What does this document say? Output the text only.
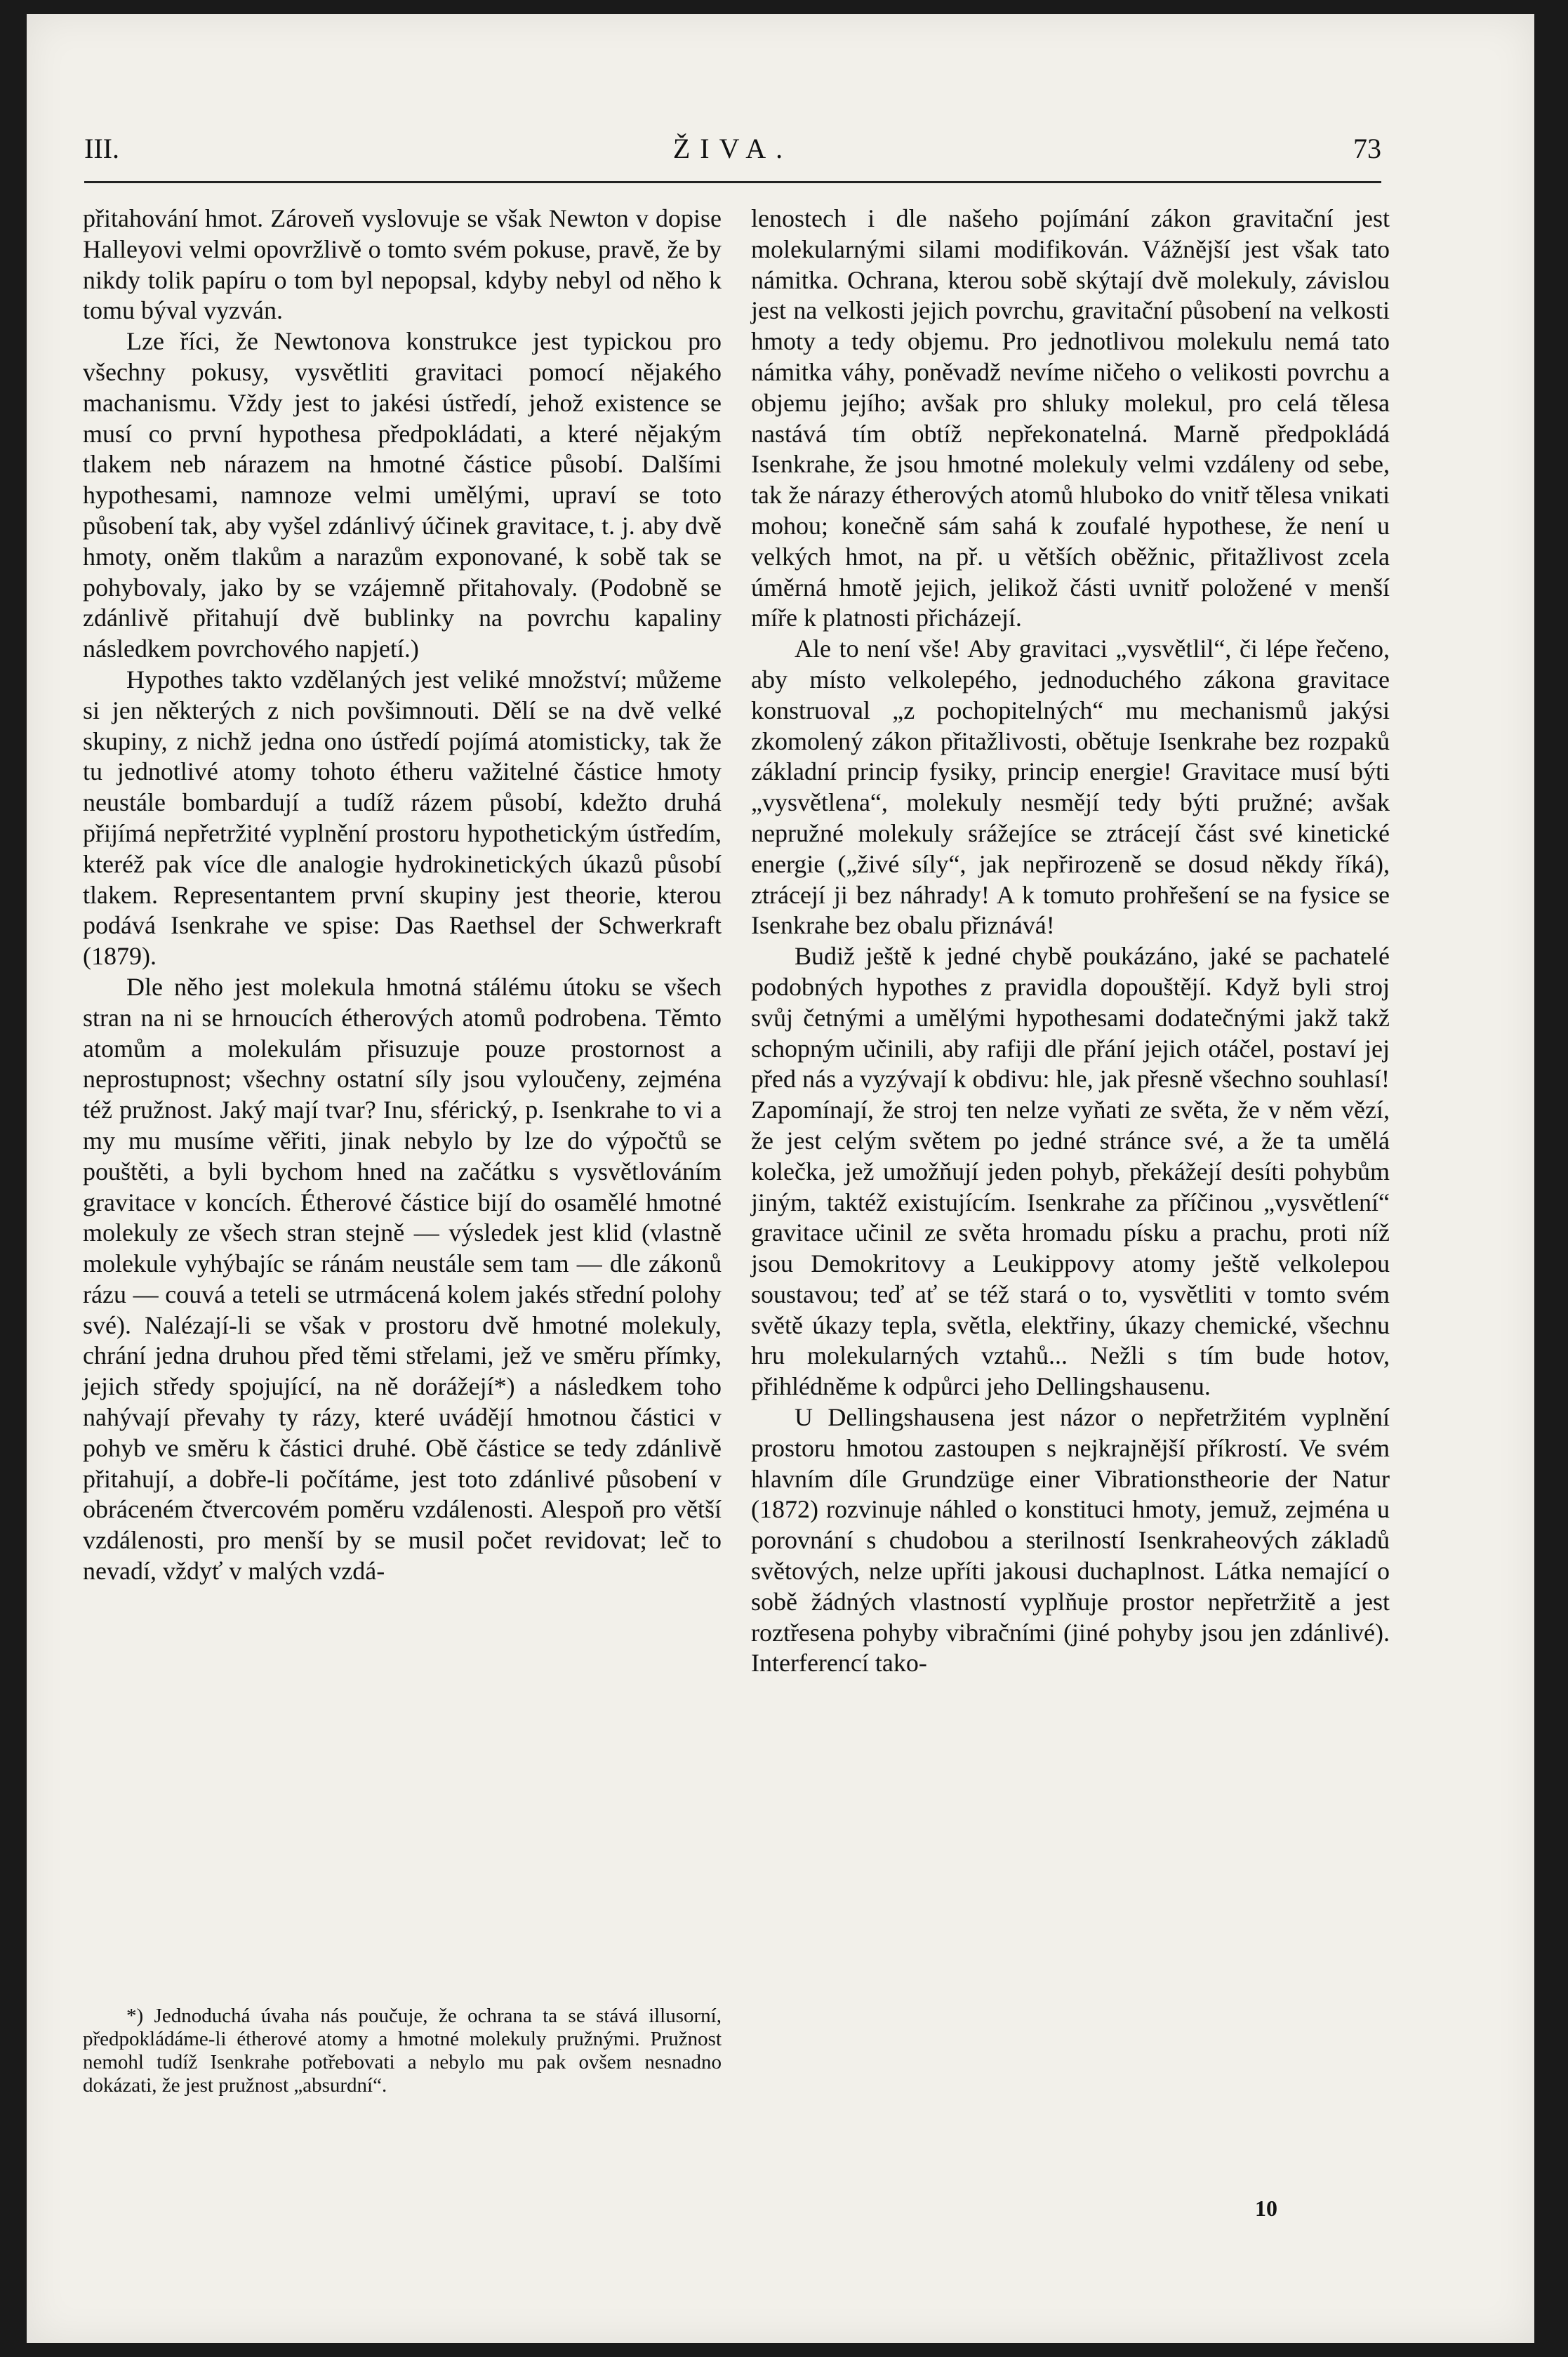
III.	ŽIVA.	73

přitahování hmot. Zároveň vyslovuje se však Newton v dopise Halleyovi velmi opovržlivě o tomto svém pokuse, pravě, že by nikdy tolik papíru o tom byl nepopsal, kdyby nebyl od něho k tomu býval vyzván.

Lze říci, že Newtonova konstrukce jest typickou pro všechny pokusy, vysvětliti gravitaci pomocí nějakého machanismu. Vždy jest to jakési ústředí, jehož existence se musí co první hypothesa předpokládati, a které nějakým tlakem neb nárazem na hmotné částice působí. Dalšími hypothesami, namnoze velmi umělými, upraví se toto působení tak, aby vyšel zdánlivý účinek gravitace, t. j. aby dvě hmoty, oněm tlakům a narazům exponované, k sobě tak se pohybovaly, jako by se vzájemně přitahovaly. (Podobně se zdánlivě přitahují dvě bublinky na povrchu kapaliny následkem povrchového napjetí.)

Hypothes takto vzdělaných jest veliké množství; můžeme si jen některých z nich povšimnouti. Dělí se na dvě velké skupiny, z nichž jedna ono ústředí pojímá atomisticky, tak že tu jednotlivé atomy tohoto étheru važitelné částice hmoty neustále bombardují a tudíž rázem působí, kdežto druhá přijímá nepřetržité vyplnění prostoru hypothetickým ústředím, kteréž pak více dle analogie hydrokinetických úkazů působí tlakem. Representantem první skupiny jest theorie, kterou podává Isenkrahe ve spise: Das Raethsel der Schwerkraft (1879).

Dle něho jest molekula hmotná stálému útoku se všech stran na ni se hrnoucích étherových atomů podrobena. Těmto atomům a molekulám přisuzuje pouze prostornost a neprostupnost; všechny ostatní síly jsou vyloučeny, zejména též pružnost. Jaký mají tvar? Inu, sférický, p. Isenkrahe to vi a my mu musíme věřiti, jinak nebylo by lze do výpočtů se pouštěti, a byli bychom hned na začátku s vysvětlováním gravitace v koncích. Étherové částice bijí do osamělé hmotné molekuly ze všech stran stejně — výsledek jest klid (vlastně molekule vyhýbajíc se ránám neustále sem tam — dle zákonů rázu — couvá a teteli se utrmácená kolem jakés střední polohy své). Nalézají-li se však v prostoru dvě hmotné molekuly, chrání jedna druhou před těmi střelami, jež ve směru přímky, jejich středy spojující, na ně dorážejí*) a následkem toho nahývají převahy ty rázy, které uvádějí hmotnou částici v pohyb ve směru k částici druhé. Obě částice se tedy zdánlivě přitahují, a dobře-li počítáme, jest toto zdánlivé působení v obráceném čtvercovém poměru vzdálenosti. Alespoň pro větší vzdálenosti, pro menší by se musil počet revidovat; leč to nevadí, vždyť v malých vzdá-

lenostech i dle našeho pojímání zákon gravitační jest molekularnými silami modifikován. Vážnější jest však tato námitka. Ochrana, kterou sobě skýtají dvě molekuly, závislou jest na velkosti jejich povrchu, gravitační působení na velkosti hmoty a tedy objemu. Pro jednotlivou molekulu nemá tato námitka váhy, poněvadž nevíme ničeho o velikosti povrchu a objemu jejího; avšak pro shluky molekul, pro celá tělesa nastává tím obtíž nepřekonatelná. Marně předpokládá Isenkrahe, že jsou hmotné molekuly velmi vzdáleny od sebe, tak že nárazy étherových atomů hluboko do vnitř tělesa vnikati mohou; konečně sám sahá k zoufalé hypothese, že není u velkých hmot, na př. u větších oběžnic, přitažlivost zcela úměrná hmotě jejich, jelikož části uvnitř položené v menší míře k platnosti přicházejí.

Ale to není vše! Aby gravitaci „vysvětlil“, či lépe řečeno, aby místo velkolepého, jednoduchého zákona gravitace konstruoval „z pochopitelných“ mu mechanismů jakýsi zkomolený zákon přitažlivosti, obětuje Isenkrahe bez rozpaků základní princip fysiky, princip energie! Gravitace musí býti „vysvětlena“, molekuly nesmějí tedy býti pružné; avšak nepružné molekuly srážejíce se ztrácejí část své kinetické energie („živé síly“, jak nepřirozeně se dosud někdy říká), ztrácejí ji bez náhrady! A k tomuto prohřešení se na fysice se Isenkrahe bez obalu přiznává!

Budiž ještě k jedné chybě poukázáno, jaké se pachatelé podobných hypothes z pravidla dopouštějí. Když byli stroj svůj četnými a umělými hypothesami dodatečnými jakž takž schopným učinili, aby rafiji dle přání jejich otáčel, postaví jej před nás a vyzývají k obdivu: hle, jak přesně všechno souhlasí! Zapomínají, že stroj ten nelze vyňati ze světa, že v něm vězí, že jest celým světem po jedné stránce své, a že ta umělá kolečka, jež umožňují jeden pohyb, překážejí desíti pohybům jiným, taktéž existujícím. Isenkrahe za příčinou „vysvětlení“ gravitace učinil ze světa hromadu písku a prachu, proti níž jsou Demokritovy a Leukippovy atomy ještě velkolepou soustavou; teď ať se též stará o to, vysvětliti v tomto svém světě úkazy tepla, světla, elektřiny, úkazy chemické, všechnu hru molekularných vztahů... Nežli s tím bude hotov, přihlédněme k odpůrci jeho Dellingshausenu.

U Dellingshausena jest názor o nepřetržitém vyplnění prostoru hmotou zastoupen s nejkrajnější příkrostí. Ve svém hlavním díle Grundzüge einer Vibrationstheorie der Natur (1872) rozvinuje náhled o konstituci hmoty, jemuž, zejména u porovnání s chudobou a sterilností Isenkraheových základů světových, nelze upříti jakousi duchaplnost. Látka nemající o sobě žádných vlastností vyplňuje prostor nepřetržitě a jest roztřesena pohyby vibračními (jiné pohyby jsou jen zdánlivé). Interferencí tako-

*) Jednoduchá úvaha nás poučuje, že ochrana ta se stává illusorní, předpokládáme-li étherové atomy a hmotné molekuly pružnými. Pružnost nemohl tudíž Isenkrahe potřebovati a nebylo mu pak ovšem nesnadno dokázati, že jest pružnost „absurdní“.

10
